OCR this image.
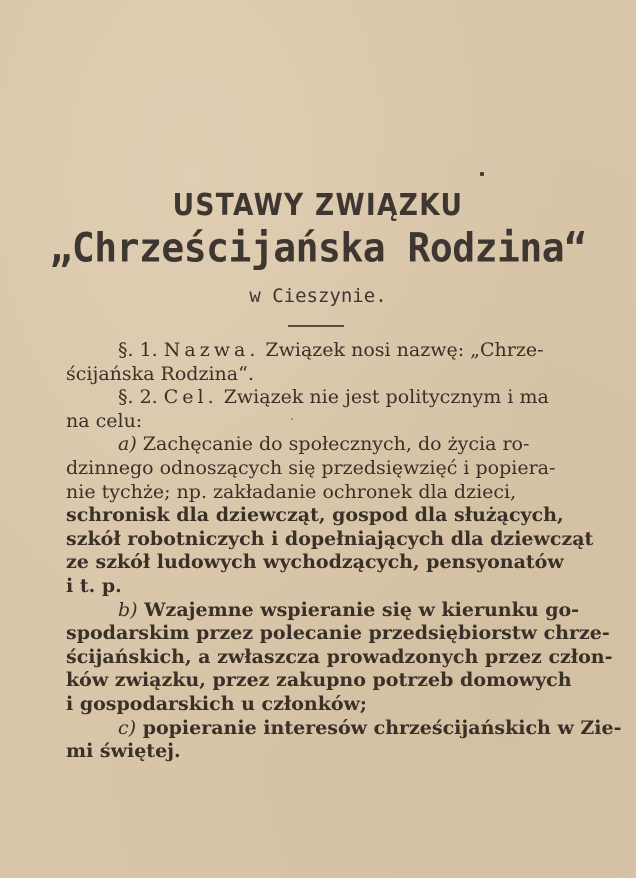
USTAWY ZWIĄZKU
„Chrześcijańska Rodzina“
w Cieszynie.
§. 1. Nazwa. Związek nosi nazwę: „Chrze-
ścijańska Rodzina“.
§. 2. Cel. Związek nie jest politycznym i ma
na celu:
a)
Zachęcanie do społecznych, do życia ro-
dzinnego odnoszących się przedsięwzięć i popiera-
nie tychże; np. zakładanie ochronek dla dzieci,
schronisk dla dziewcząt, gospod dla służących,
szkół robotniczych i dopełniających dla dziewcząt
ze szkół ludowych wychodzących, pensyonatów
i t. p.
b)
Wzajemne wspieranie się w kierunku go-
spodarskim przez polecanie przedsiębiorstw chrze-
ścijańskich, a zwłaszcza prowadzonych przez człon-
ków związku, przez zakupno potrzeb domowych
i gospodarskich u członków;
c)
popieranie interesów chrześcijańskich w Zie-
mi świętej.
